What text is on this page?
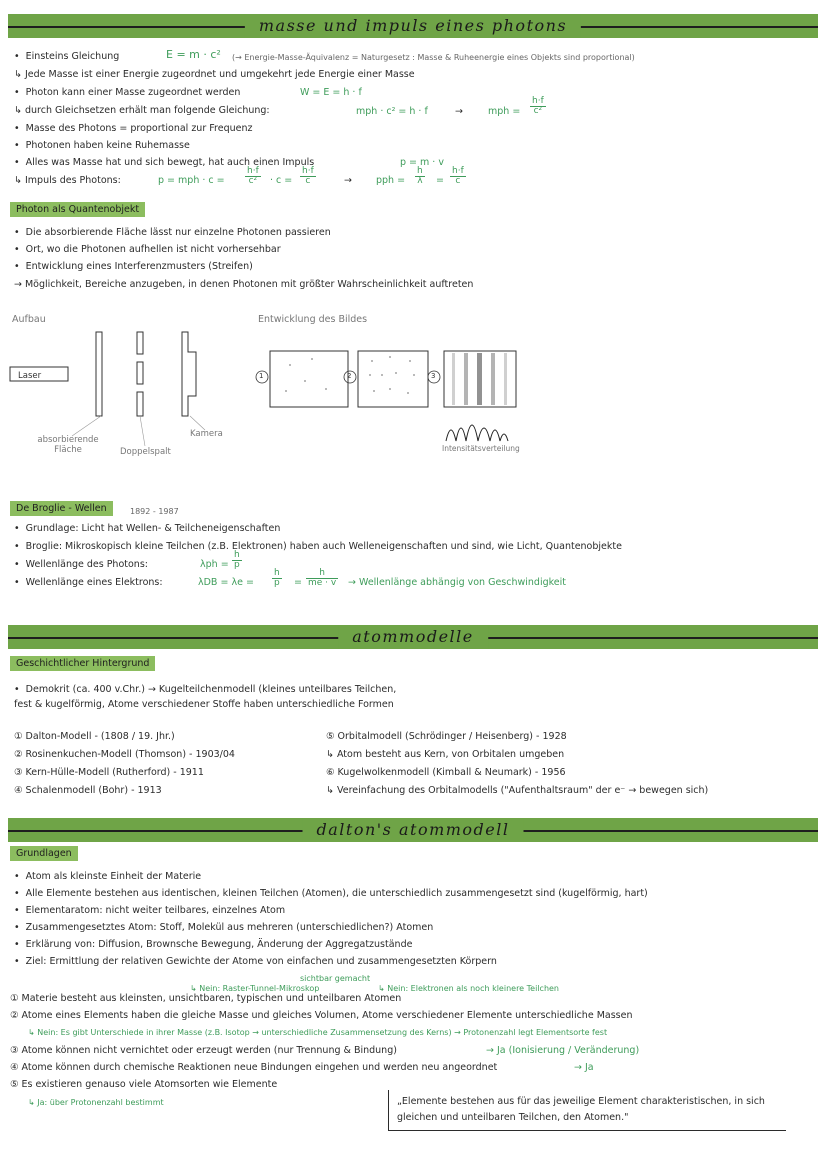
masse und impuls eines photons
•  Einsteins Gleichung	E = m · c² (→ Energie-Masse-Äquivalenz = Naturgesetz : Masse & Ruheenergie eines Objekts sind proportional)
↳ Jede Masse ist einer Energie zugeordnet und umgekehrt jede Energie einer Masse
•  Photon kann einer Masse zugeordnet werden	W = E = h · f
↳ durch Gleichsetzen erhält man folgende Gleichung:	mph · c² = h · f	→	mph = $\frac{h\cdot f}{\text{c²}}$
•  Masse des Photons = proportional zur Frequenz
•  Photonen haben keine Ruhemasse
•  Alles was Masse hat und sich bewegt, hat auch einen Impuls	p = m · v
↳ Impuls des Photons:	p = mph · $c = \frac{h\cdot f}{\text{c²}} \cdot c = \frac{h\cdot f}{c}$	→	pph = $\frac{h}{\lambda} = \frac{h\cdot f}{c}$
Photon als Quantenobjekt
•  Die absorbierende Fläche lässt nur einzelne Photonen passieren
•  Ort, wo die Photonen aufhellen ist nicht vorhersehbar
•  Entwicklung eines Interferenzmusters (Streifen)
→ Möglichkeit, Bereiche anzugeben, in denen Photonen mit größter Wahrscheinlichkeit auftreten
Aufbau	Entwicklung des Bildes
Laser
absorbierende Fläche	Doppelspalt
Kamera
1	2	3
Intensitätsverteilung
De Broglie - Wellen	1892 - 1987
•  Grundlage: Licht hat Wellen- & Teilcheneigenschaften
•  Broglie: Mikroskopisch kleine Teilchen (z.B. Elektronen) haben auch Welleneigenschaften und sind, wie Licht, Quantenobjekte
•  Wellenlänge des Photons:	$\lambda ph = \frac{h}{p}$
•  Wellenlänge eines Elektrons:	$\lambda DB = \lambda e = \frac{h}{p} = \frac{h}{me \cdot v}$ → Wellenlänge abhängig von Geschwindigkeit
atommodelle
Geschichtlicher Hintergrund
•  Demokrit (ca. 400 v.Chr.) → Kugelteilchenmodell (kleines unteilbares Teilchen,
fest & kugelförmig, Atome verschiedener Stoffe haben unterschiedliche Formen
① Dalton-Modell - (1808 / 19. Jhr.)
② Rosinenkuchen-Modell (Thomson) - 1903/04
③ Kern-Hülle-Modell (Rutherford) - 1911
④ Schalenmodell (Bohr) - 1913
⑤ Orbitalmodell (Schrödinger / Heisenberg) - 1928
↳ Atom besteht aus Kern, von Orbitalen umgeben
⑥ Kugelwolkenmodell (Kimball & Neumark) - 1956
↳ Vereinfachung des Orbitalmodells ("Aufenthaltsraum" der e⁻ → bewegen sich)
dalton's atommodell
Grundlagen
•  Atom als kleinste Einheit der Materie
•  Alle Elemente bestehen aus identischen, kleinen Teilchen (Atomen), die unterschiedlich zusammengesetzt sind (kugelförmig, hart)
•  Elementaratom: nicht weiter teilbares, einzelnes Atom
•  Zusammengesetztes Atom: Stoff, Molekül aus mehreren (unterschiedlichen?) Atomen
•  Erklärung von: Diffusion, Brownsche Bewegung, Änderung der Aggregatzustände
•  Ziel: Ermittlung der relativen Gewichte der Atome von einfachen und zusammengesetzten Körpern
sichtbar gemacht
↳ Nein: Raster-Tunnel-Mikroskop	↳ Nein: Elektronen als noch kleinere Teilchen
① Materie besteht aus kleinsten, unsichtbaren, typischen und unteilbaren Atomen
② Atome eines Elements haben die gleiche Masse und gleiches Volumen, Atome verschiedener Elemente unterschiedliche Massen
↳ Nein: Es gibt Unterschiede in ihrer Masse (z.B. Isotop → unterschiedliche Zusammensetzung des Kerns) → Protonenzahl legt Elementsorte fest
③ Atome können nicht vernichtet oder erzeugt werden (nur Trennung & Bindung)	→ Ja (Ionisierung / Veränderung)
④ Atome können durch chemische Reaktionen neue Bindungen eingehen und werden neu angeordnet	→ Ja
⑤ Es existieren genauso viele Atomsorten wie Elemente
↳ Ja: über Protonenzahl bestimmt	„Elemente bestehen aus für das jeweilige Element charakteristischen, in sich gleichen und unteilbaren Teilchen, den Atomen."
